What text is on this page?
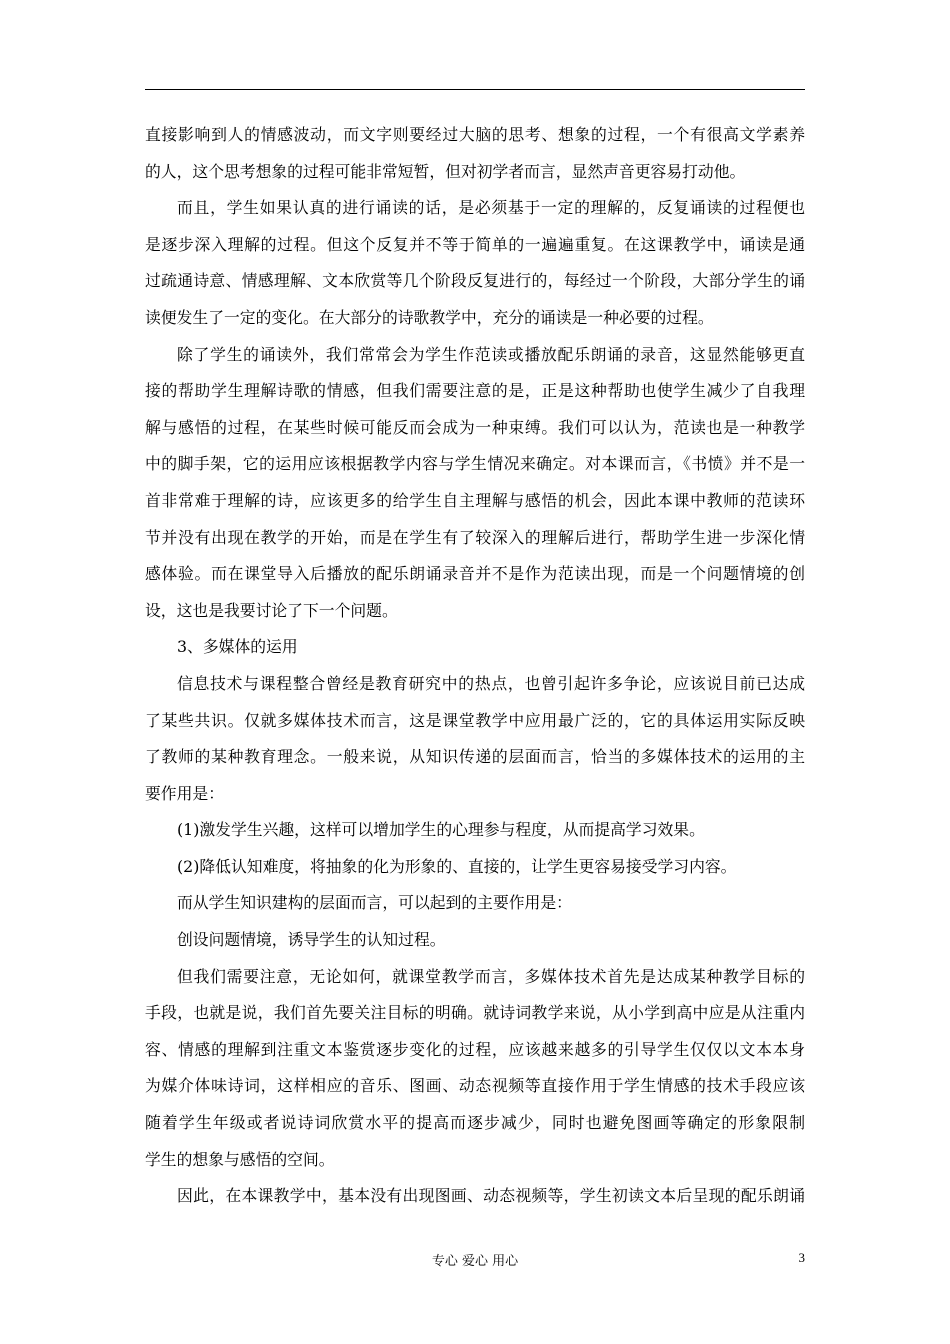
直接影响到人的情感波动，而文字则要经过大脑的思考、想象的过程，一个有很高文学素养
的人，这个思考想象的过程可能非常短暂，但对初学者而言，显然声音更容易打动他。
而且，学生如果认真的进行诵读的话，是必须基于一定的理解的，反复诵读的过程便也
是逐步深入理解的过程。但这个反复并不等于简单的一遍遍重复。在这课教学中，诵读是通
过疏通诗意、情感理解、文本欣赏等几个阶段反复进行的，每经过一个阶段，大部分学生的诵
读便发生了一定的变化。在大部分的诗歌教学中，充分的诵读是一种必要的过程。
除了学生的诵读外，我们常常会为学生作范读或播放配乐朗诵的录音，这显然能够更直
接的帮助学生理解诗歌的情感，但我们需要注意的是，正是这种帮助也使学生减少了自我理
解与感悟的过程，在某些时候可能反而会成为一种束缚。我们可以认为，范读也是一种教学
中的脚手架，它的运用应该根据教学内容与学生情况来确定。对本课而言，《书愤》并不是一
首非常难于理解的诗，应该更多的给学生自主理解与感悟的机会，因此本课中教师的范读环
节并没有出现在教学的开始，而是在学生有了较深入的理解后进行，帮助学生进一步深化情
感体验。而在课堂导入后播放的配乐朗诵录音并不是作为范读出现，而是一个问题情境的创
设，这也是我要讨论了下一个问题。
3、多媒体的运用
信息技术与课程整合曾经是教育研究中的热点，也曾引起许多争论，应该说目前已达成
了某些共识。仅就多媒体技术而言，这是课堂教学中应用最广泛的，它的具体运用实际反映
了教师的某种教育理念。一般来说，从知识传递的层面而言，恰当的多媒体技术的运用的主
要作用是：
(1)激发学生兴趣，这样可以增加学生的心理参与程度，从而提高学习效果。
(2)降低认知难度，将抽象的化为形象的、直接的，让学生更容易接受学习内容。
而从学生知识建构的层面而言，可以起到的主要作用是：
创设问题情境，诱导学生的认知过程。
但我们需要注意，无论如何，就课堂教学而言，多媒体技术首先是达成某种教学目标的
手段，也就是说，我们首先要关注目标的明确。就诗词教学来说，从小学到高中应是从注重内
容、情感的理解到注重文本鉴赏逐步变化的过程，应该越来越多的引导学生仅仅以文本本身
为媒介体味诗词，这样相应的音乐、图画、动态视频等直接作用于学生情感的技术手段应该
随着学生年级或者说诗词欣赏水平的提高而逐步减少，同时也避免图画等确定的形象限制
学生的想象与感悟的空间。
因此，在本课教学中，基本没有出现图画、动态视频等，学生初读文本后呈现的配乐朗诵
专心 爱心 用心	3
